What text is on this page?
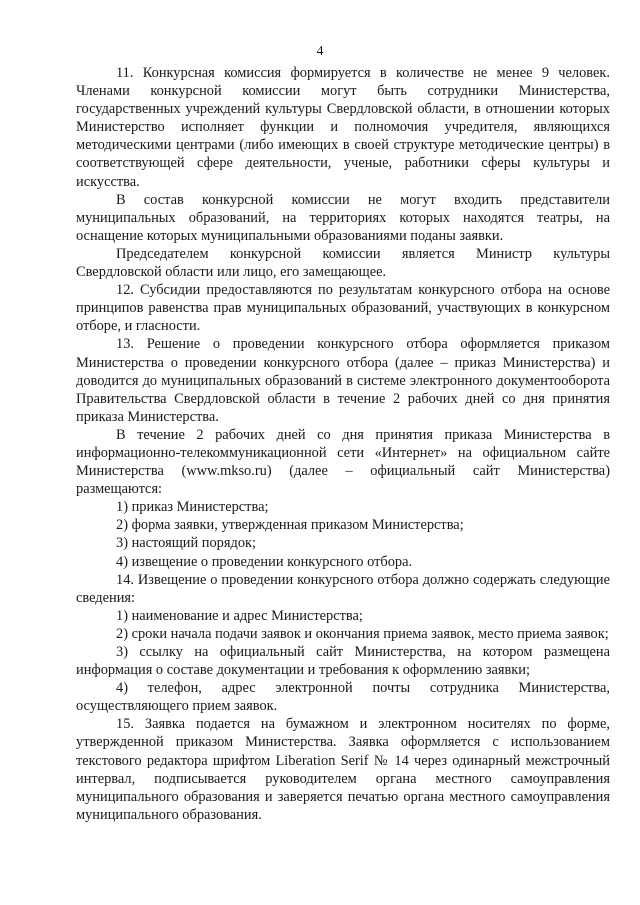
4

11. Конкурсная комиссия формируется в количестве не менее 9 человек. Членами конкурсной комиссии могут быть сотрудники Министерства, государственных учреждений культуры Свердловской области, в отношении которых Министерство исполняет функции и полномочия учредителя, являющихся методическими центрами (либо имеющих в своей структуре методические центры) в соответствующей сфере деятельности, ученые, работники сферы культуры и искусства.

В состав конкурсной комиссии не могут входить представители муниципальных образований, на территориях которых находятся театры, на оснащение которых муниципальными образованиями поданы заявки.

Председателем конкурсной комиссии является Министр культуры Свердловской области или лицо, его замещающее.

12. Субсидии предоставляются по результатам конкурсного отбора на основе принципов равенства прав муниципальных образований, участвующих в конкурсном отборе, и гласности.

13. Решение о проведении конкурсного отбора оформляется приказом Министерства о проведении конкурсного отбора (далее – приказ Министерства) и доводится до муниципальных образований в системе электронного документооборота Правительства Свердловской области в течение 2 рабочих дней со дня принятия приказа Министерства.

В течение 2 рабочих дней со дня принятия приказа Министерства в информационно-телекоммуникационной сети «Интернет» на официальном сайте Министерства (www.mkso.ru) (далее – официальный сайт Министерства) размещаются:

1) приказ Министерства;

2) форма заявки, утвержденная приказом Министерства;

3) настоящий порядок;

4) извещение о проведении конкурсного отбора.

14. Извещение о проведении конкурсного отбора должно содержать следующие сведения:

1) наименование и адрес Министерства;

2) сроки начала подачи заявок и окончания приема заявок, место приема заявок;

3) ссылку на официальный сайт Министерства, на котором размещена информация о составе документации и требования к оформлению заявки;

4) телефон, адрес электронной почты сотрудника Министерства, осуществляющего прием заявок.

15. Заявка подается на бумажном и электронном носителях по форме, утвержденной приказом Министерства. Заявка оформляется с использованием текстового редактора шрифтом Liberation Serif № 14 через одинарный межстрочный интервал, подписывается руководителем органа местного самоуправления муниципального образования и заверяется печатью органа местного самоуправления муниципального образования.
